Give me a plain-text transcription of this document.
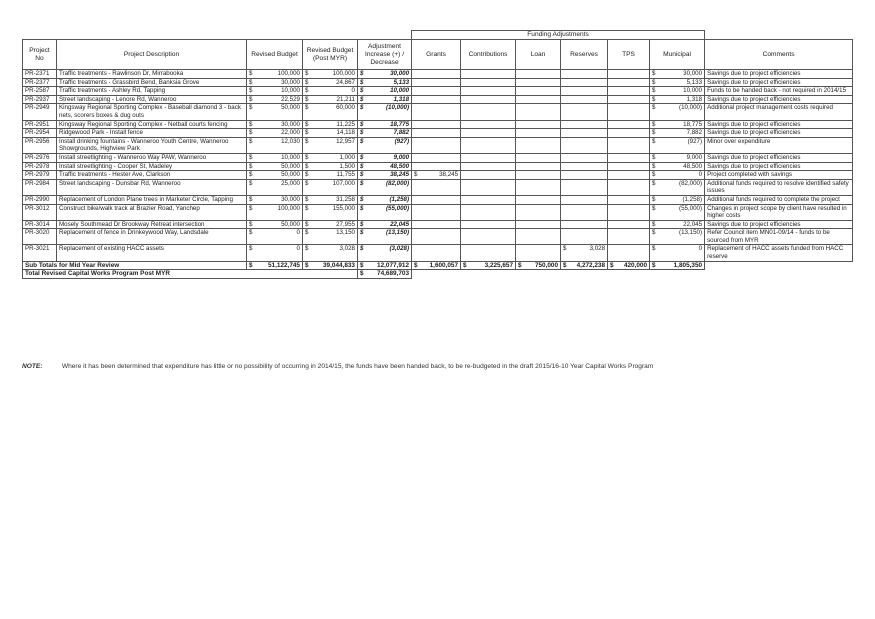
					Funding Adjustments						
Project No	Project Description	Revised Budget	Revised Budget (Post MYR)	Adjustment Increase (+) / Decrease	Grants	Contributions	Loan	Reserves	TPS	Municipal	Comments
PR-2371	Traffic treatments - Rawlinson Dr, Mirrabooka	$ 100,000	$ 100,000	$ 30,000						$ 30,000	Savings due to project efficiencies
PR-2377	Traffic treatments - Grassbird Bend, Banksia Grove	$ 30,000	$ 24,867	$ 5,133						$ 5,133	Savings due to project efficiencies
PR-2587	Traffic treatments - Ashley Rd, Tapping	$ 10,000	$ 0	$ 10,000						$ 10,000	Funds to be handed back - not required in 2014/15
PR-2937	Street landscaping - Lenore Rd, Wanneroo	$ 22,529	$ 21,211	$ 1,318						$ 1,318	Savings due to project efficiencies
PR-2949	Kingsway Regional Sporting Complex - Baseball diamond 3 - back nets, scorers boxes & dug outs	$ 50,000	$ 60,000	$ (10,000)						$ (10,000)	Additional project management costs required
PR-2951	Kingsway Regional Sporting Complex - Netball courts fencing	$ 30,000	$ 11,225	$ 18,775						$ 18,775	Savings due to project efficiencies
PR-2954	Ridgewood Park - Install fence	$ 22,000	$ 14,118	$ 7,882						$ 7,882	Savings due to project efficiencies
PR-2956	Install drinking fountains - Wanneroo Youth Centre, Wanneroo Showgrounds, Highview Park	$ 12,030	$ 12,957	$ (927)						$ (927)	Minor over expenditure
PR-2976	Install streetlighting - Wanneroo Way PAW, Wanneroo	$ 10,000	$ 1,000	$ 9,000						$ 9,000	Savings due to project efficiencies
PR-2978	Install streetlighting - Cooper St, Madeley	$ 50,000	$ 1,500	$ 48,500						$ 48,500	Savings due to project efficiencies
PR-2979	Traffic treatments - Hester Ave, Clarkson	$ 50,000	$ 11,755	$ 38,245	$ 38,245					$ 0	Project completed with savings
PR-2984	Street landscaping - Dunsbar Rd, Wanneroo	$ 25,000	$ 107,000	$ (82,000)						$ (82,000)	Additional funds required to resolve identified safety issues
PR-2990	Replacement of London Plane trees in Marketer Circle, Tapping	$ 30,000	$ 31,258	$ (1,258)						$ (1,258)	Additional funds required to complete the project
PR-3012	Construct bike/walk track at Brazier Road, Yanchep	$ 100,000	$ 155,000	$ (55,000)						$ (55,000)	Changes in project scope by client have resulted in higher costs
PR-3014	Mosely Southmead Dr Brookway Retreat intersection	$ 50,000	$ 27,955	$ 22,045						$ 22,045	Savings due to project efficiencies
PR-3020	Replacement of fence in Drinkeywood Way, Landsdale	$ 0	$ 13,150	$ (13,150)						$ (13,150)	Refer Council item MN01-09/14 - funds to be sourced from MYR
PR-3021	Replacement of existing HACC assets	$ 0	$ 3,028	$ (3,028)				$ 3,028		$ 0	Replacement of HACC assets funded from HACC reserve
Sub Totals for Mid Year Review		$ 51,122,745	$ 39,044,833	$ 12,077,912	$ 1,600,057	$ 3,225,657	$ 750,000	$ 4,272,238	$ 420,000	$ 1,805,350	

Total Revised Capital Works Program Post MYR				$ 74,689,703							

NOTE:	Where it has been determined that expenditure has little or no possibility of occurring in 2014/15, the funds have been handed back, to be re-budgeted in the draft 2015/16-10 Year Capital Works Program
